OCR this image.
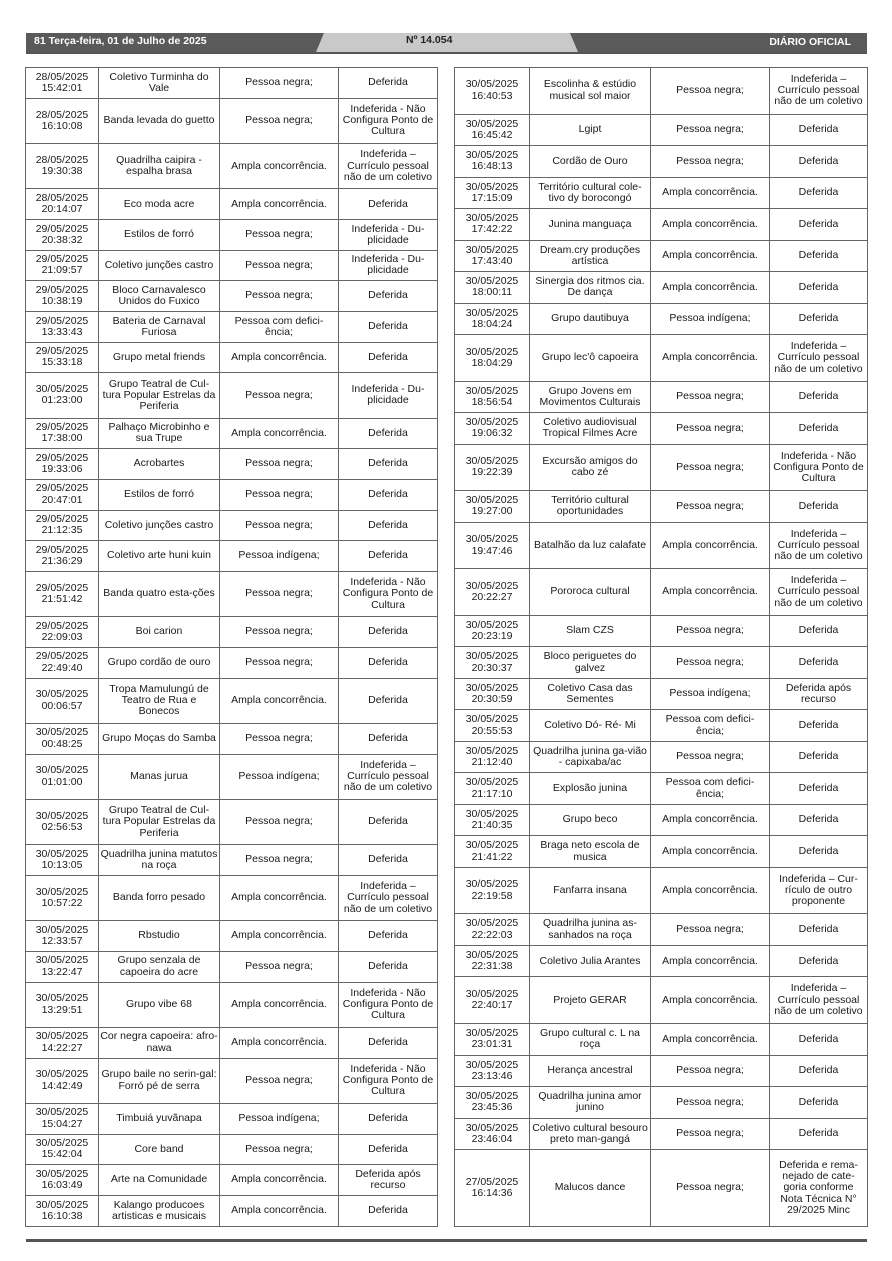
81 Terça-feira, 01 de Julho de 2025	Nº 14.054	DIÁRIO OFICIAL
28/05/2025
15:42:01	Coletivo Turminha do Vale	Pessoa negra;	Deferida
28/05/2025
16:10:08	Banda levada do guetto	Pessoa negra;	Indeferida - Não Configura Ponto de Cultura
28/05/2025
19:30:38	Quadrilha caipira - espalha brasa	Ampla concorrência.	Indeferida – Currículo pessoal não de um coletivo
28/05/2025
20:14:07	Eco moda acre	Ampla concorrência.	Deferida
29/05/2025
20:38:32	Estilos de forró	Pessoa negra;	Indeferida - Du-plicidade
29/05/2025
21:09:57	Coletivo junções castro	Pessoa negra;	Indeferida - Du-plicidade
29/05/2025
10:38:19	Bloco Carnavalesco Unidos do Fuxico	Pessoa negra;	Deferida
29/05/2025
13:33:43	Bateria de Carnaval Furiosa	Pessoa com defici-ência;	Deferida
29/05/2025
15:33:18	Grupo metal friends	Ampla concorrência.	Deferida
30/05/2025
01:23:00	Grupo Teatral de Cul-tura Popular Estrelas da Periferia	Pessoa negra;	Indeferida - Du-plicidade
29/05/2025
17:38:00	Palhaço Microbinho e sua Trupe	Ampla concorrência.	Deferida
29/05/2025
19:33:06	Acrobartes	Pessoa negra;	Deferida
29/05/2025
20:47:01	Estilos de forró	Pessoa negra;	Deferida
29/05/2025
21:12:35	Coletivo junções castro	Pessoa negra;	Deferida
29/05/2025
21:36:29	Coletivo arte huni kuin	Pessoa indígena;	Deferida
29/05/2025
21:51:42	Banda quatro esta-ções	Pessoa negra;	Indeferida - Não Configura Ponto de Cultura
29/05/2025
22:09:03	Boi carion	Pessoa negra;	Deferida
29/05/2025
22:49:40	Grupo cordão de ouro	Pessoa negra;	Deferida
30/05/2025
00:06:57	Tropa Mamulungú de Teatro de Rua e Bonecos	Ampla concorrência.	Deferida
30/05/2025
00:48:25	Grupo Moças do Samba	Pessoa negra;	Deferida
30/05/2025
01:01:00	Manas jurua	Pessoa indígena;	Indeferida – Currículo pessoal não de um coletivo
30/05/2025
02:56:53	Grupo Teatral de Cul-tura Popular Estrelas da Periferia	Pessoa negra;	Deferida
30/05/2025
10:13:05	Quadrilha junina matutos na roça	Pessoa negra;	Deferida
30/05/2025
10:57:22	Banda forro pesado	Ampla concorrência.	Indeferida – Currículo pessoal não de um coletivo
30/05/2025
12:33:57	Rbstudio	Ampla concorrência.	Deferida
30/05/2025
13:22:47	Grupo senzala de capoeira do acre	Pessoa negra;	Deferida
30/05/2025
13:29:51	Grupo vibe 68	Ampla concorrência.	Indeferida - Não Configura Ponto de Cultura
30/05/2025
14:22:27	Cor negra capoeira: afro-nawa	Ampla concorrência.	Deferida
30/05/2025
14:42:49	Grupo baile no serin-gal: Forró pé de serra	Pessoa negra;	Indeferida - Não Configura Ponto de Cultura
30/05/2025
15:04:27	Timbuiá yuvãnapa	Pessoa indígena;	Deferida
30/05/2025
15:42:04	Core band	Pessoa negra;	Deferida
30/05/2025
16:03:49	Arte na Comunidade	Ampla concorrência.	Deferida após recurso
30/05/2025
16:10:38	Kalango producoes artisticas e musicais	Ampla concorrência.	Deferida
30/05/2025
16:40:53	Escolinha & estúdio musical sol maior	Pessoa negra;	Indeferida – Currículo pessoal não de um coletivo
30/05/2025
16:45:42	Lgipt	Pessoa negra;	Deferida
30/05/2025
16:48:13	Cordão de Ouro	Pessoa negra;	Deferida
30/05/2025
17:15:09	Território cultural cole-tivo dy borocongó	Ampla concorrência.	Deferida
30/05/2025
17:42:22	Junina manguaça	Ampla concorrência.	Deferida
30/05/2025
17:43:40	Dream.cry produções artística	Ampla concorrência.	Deferida
30/05/2025
18:00:11	Sinergia dos ritmos cia. De dança	Ampla concorrência.	Deferida
30/05/2025
18:04:24	Grupo dautibuya	Pessoa indígena;	Deferida
30/05/2025
18:04:29	Grupo lec'ô capoeira	Ampla concorrência.	Indeferida – Currículo pessoal não de um coletivo
30/05/2025
18:56:54	Grupo Jovens em Movimentos Culturais	Pessoa negra;	Deferida
30/05/2025
19:06:32	Coletivo audiovisual Tropical Filmes Acre	Pessoa negra;	Deferida
30/05/2025
19:22:39	Excursão amigos do cabo zé	Pessoa negra;	Indeferida - Não Configura Ponto de Cultura
30/05/2025
19:27:00	Território cultural oportunidades	Pessoa negra;	Deferida
30/05/2025
19:47:46	Batalhão da luz calafate	Ampla concorrência.	Indeferida – Currículo pessoal não de um coletivo
30/05/2025
20:22:27	Pororoca cultural	Ampla concorrência.	Indeferida – Currículo pessoal não de um coletivo
30/05/2025
20:23:19	Slam CZS	Pessoa negra;	Deferida
30/05/2025
20:30:37	Bloco periguetes do galvez	Pessoa negra;	Deferida
30/05/2025
20:30:59	Coletivo Casa das Sementes	Pessoa indígena;	Deferida após recurso
30/05/2025
20:55:53	Coletivo Dó- Ré- Mi	Pessoa com defici-ência;	Deferida
30/05/2025
21:12:40	Quadrilha junina ga-vião - capixaba/ac	Pessoa negra;	Deferida
30/05/2025
21:17:10	Explosão junina	Pessoa com defici-ência;	Deferida
30/05/2025
21:40:35	Grupo beco	Ampla concorrência.	Deferida
30/05/2025
21:41:22	Braga neto escola de musica	Ampla concorrência.	Deferida
30/05/2025
22:19:58	Fanfarra insana	Ampla concorrência.	Indeferida – Cur-rículo de outro proponente
30/05/2025
22:22:03	Quadrilha junina as-sanhados na roça	Pessoa negra;	Deferida
30/05/2025
22:31:38	Coletivo Julia Arantes	Ampla concorrência.	Deferida
30/05/2025
22:40:17	Projeto GERAR	Ampla concorrência.	Indeferida – Currículo pessoal não de um coletivo
30/05/2025
23:01:31	Grupo cultural c. L na roça	Ampla concorrência.	Deferida
30/05/2025
23:13:46	Herança ancestral	Pessoa negra;	Deferida
30/05/2025
23:45:36	Quadrilha junina amor junino	Pessoa negra;	Deferida
30/05/2025
23:46:04	Coletivo cultural besouro preto man-gangá	Pessoa negra;	Deferida
27/05/2025
16:14:36	Malucos dance	Pessoa negra;	Deferida e rema-nejado de cate-goria conforme Nota Técnica N° 29/2025 Minc
